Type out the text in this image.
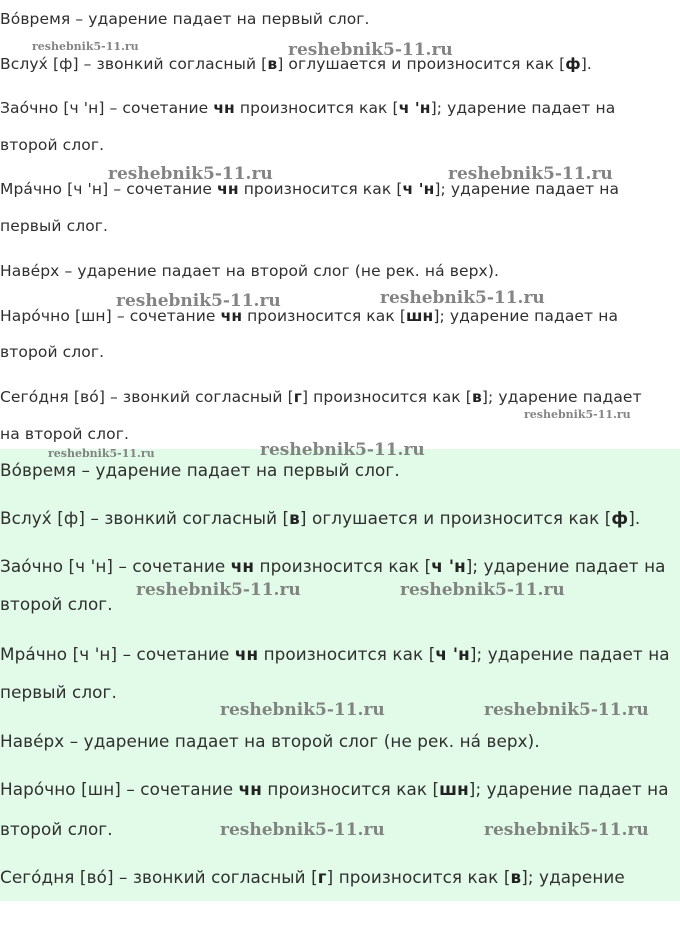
Во́время – ударение падает на первый слог.
Вслух́ [ф] – звонкий согласный [в] оглушается и произносится как [ф].
Зао́чно [ч 'н] – сочетание чн произносится как [ч 'н]; ударение падает на
второй слог.
Мра́чно [ч 'н] – сочетание чн произносится как [ч 'н]; ударение падает на
первый слог.
Наве́рх – ударение падает на второй слог (не рек. на верх).
Наро́чно [шн] – сочетание чн произносится как [шн]; ударение падает на
второй слог.
Сего́дня [во] – звонкий согласный [г] произносится как [в]; ударение падает
на второй слог.
Во́время – ударение падает на первый слог.
Вслух́ [ф] – звонкий согласный [в] оглушается и произносится как [ф].
Зао́чно [ч 'н] – сочетание чн произносится как [ч 'н]; ударение падает на
второй слог.
Мра́чно [ч 'н] – сочетание чн произносится как [ч 'н]; ударение падает на
первый слог.
Наве́рх – ударение падает на второй слог (не рек. на верх).
Наро́чно [шн] – сочетание чн произносится как [шн]; ударение падает на
второй слог.
Сего́дня [во] – звонкий согласный [г] произносится как [в]; ударение
reshebnik5-11.ru	reshebnik5-11.ru
reshebnik5-11.ru	reshebnik5-11.ru
reshebnik5-11.ru	reshebnik5-11.ru
reshebnik5-11.ru
reshebnik5-11.ru	reshebnik5-11.ru
reshebnik5-11.ru	reshebnik5-11.ru
reshebnik5-11.ru	reshebnik5-11.ru
reshebnik5-11.ru	reshebnik5-11.ru
